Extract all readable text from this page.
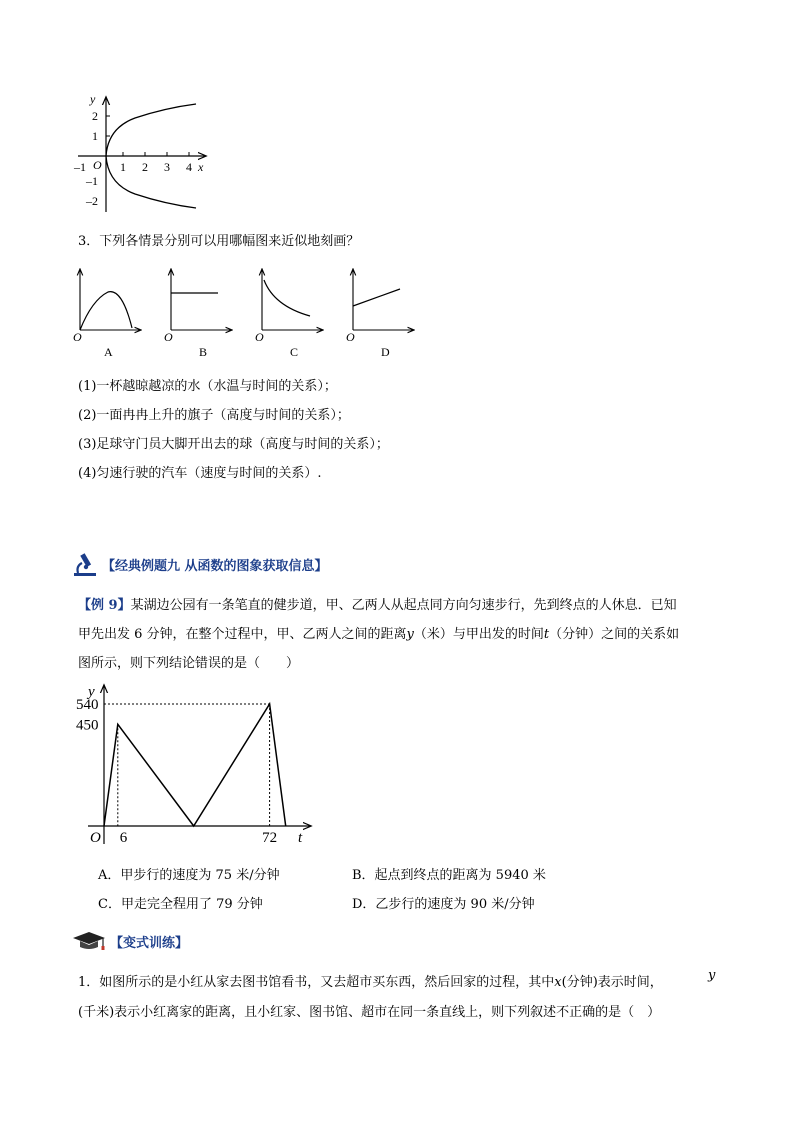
y
x
O
–1	1 2 3 4
2
1
–1
–2
3．下列各情景分别可以用哪幅图来近似地刻画？
O	O	O	O
A	B	C	D
(1)一杯越晾越凉的水（水温与时间的关系）；
(2)一面冉冉上升的旗子（高度与时间的关系）；
(3)足球守门员大脚开出去的球（高度与时间的关系）；
(4)匀速行驶的汽车（速度与时间的关系）.
【经典例题九 从函数的图象获取信息】
【例 9】某湖边公园有一条笔直的健步道，甲、乙两人从起点同方向匀速步行，先到终点的人休息．已知
甲先出发 6 分钟，在整个过程中，甲、乙两人之间的距离y（米）与甲出发的时间t（分钟）之间的关系如
图所示，则下列结论错误的是（　　）
540
450
6	72
O
y
t
A．甲步行的速度为 75 米/分钟	B．起点到终点的距离为 5940 米
C．甲走完全程用了 79 分钟	D．乙步行的速度为 90 米/分钟
【变式训练】
1．如图所示的是小红从家去图书馆看书，又去超市买东西，然后回家的过程，其中x(分钟)表示时间，	y
(千米)表示小红离家的距离，且小红家、图书馆、超市在同一条直线上，则下列叙述不正确的是（　）
